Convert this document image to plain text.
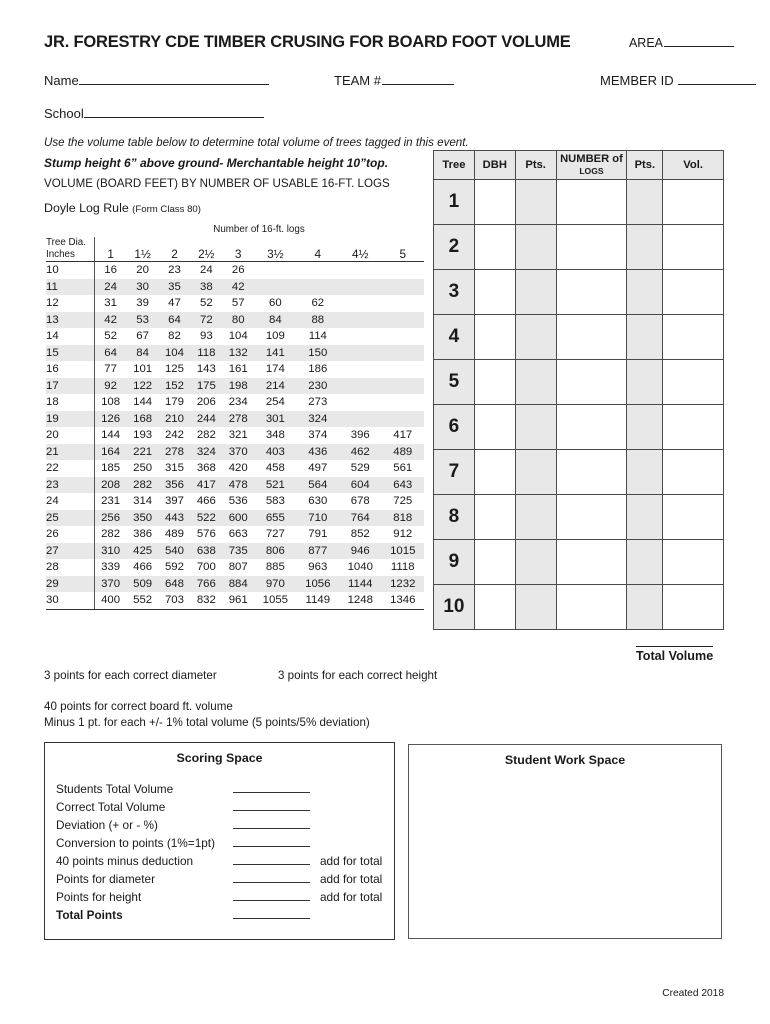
JR. FORESTRY CDE TIMBER CRUSING FOR BOARD FOOT VOLUME	AREA
Name	TEAM #	MEMBER ID
School
Use the volume table below to determine total volume of trees tagged in this event.
Stump height 6” above ground- Merchantable height 10”top.
VOLUME (BOARD FEET) BY NUMBER OF USABLE 16-FT. LOGS
Doyle Log Rule (Form Class 80)
Number of 16-ft. logs
Tree Dia.
Inches	1	1½	2	2½	3	3½	4	4½	5
10	16	20	23	24	26				
11	24	30	35	38	42				
12	31	39	47	52	57	60	62		
13	42	53	64	72	80	84	88		
14	52	67	82	93	104	109	114		
15	64	84	104	118	132	141	150		
16	77	101	125	143	161	174	186		
17	92	122	152	175	198	214	230		
18	108	144	179	206	234	254	273		
19	126	168	210	244	278	301	324		
20	144	193	242	282	321	348	374	396	417
21	164	221	278	324	370	403	436	462	489
22	185	250	315	368	420	458	497	529	561
23	208	282	356	417	478	521	564	604	643
24	231	314	397	466	536	583	630	678	725
25	256	350	443	522	600	655	710	764	818
26	282	386	489	576	663	727	791	852	912
27	310	425	540	638	735	806	877	946	1015
28	339	466	592	700	807	885	963	1040	1118
29	370	509	648	766	884	970	1056	1144	1232
30	400	552	703	832	961	1055	1149	1248	1346
Tree	DBH	Pts.	NUMBER of
LOGS	Pts.	Vol.
1					
2					
3					
4					
5					
6					
7					
8					
9					
10					
Total Volume
3 points for each correct diameter	3 points for each correct height
40 points for correct board ft. volume
Minus 1 pt. for each +/- 1% total volume (5 points/5% deviation)
Scoring Space
Students Total Volume
Correct Total Volume
Deviation (+ or - %)
Conversion to points (1%=1pt)
40 points minus deduction	add for total
Points for diameter	add for total
Points for height	add for total
Total Points
Student Work Space
Created 2018
